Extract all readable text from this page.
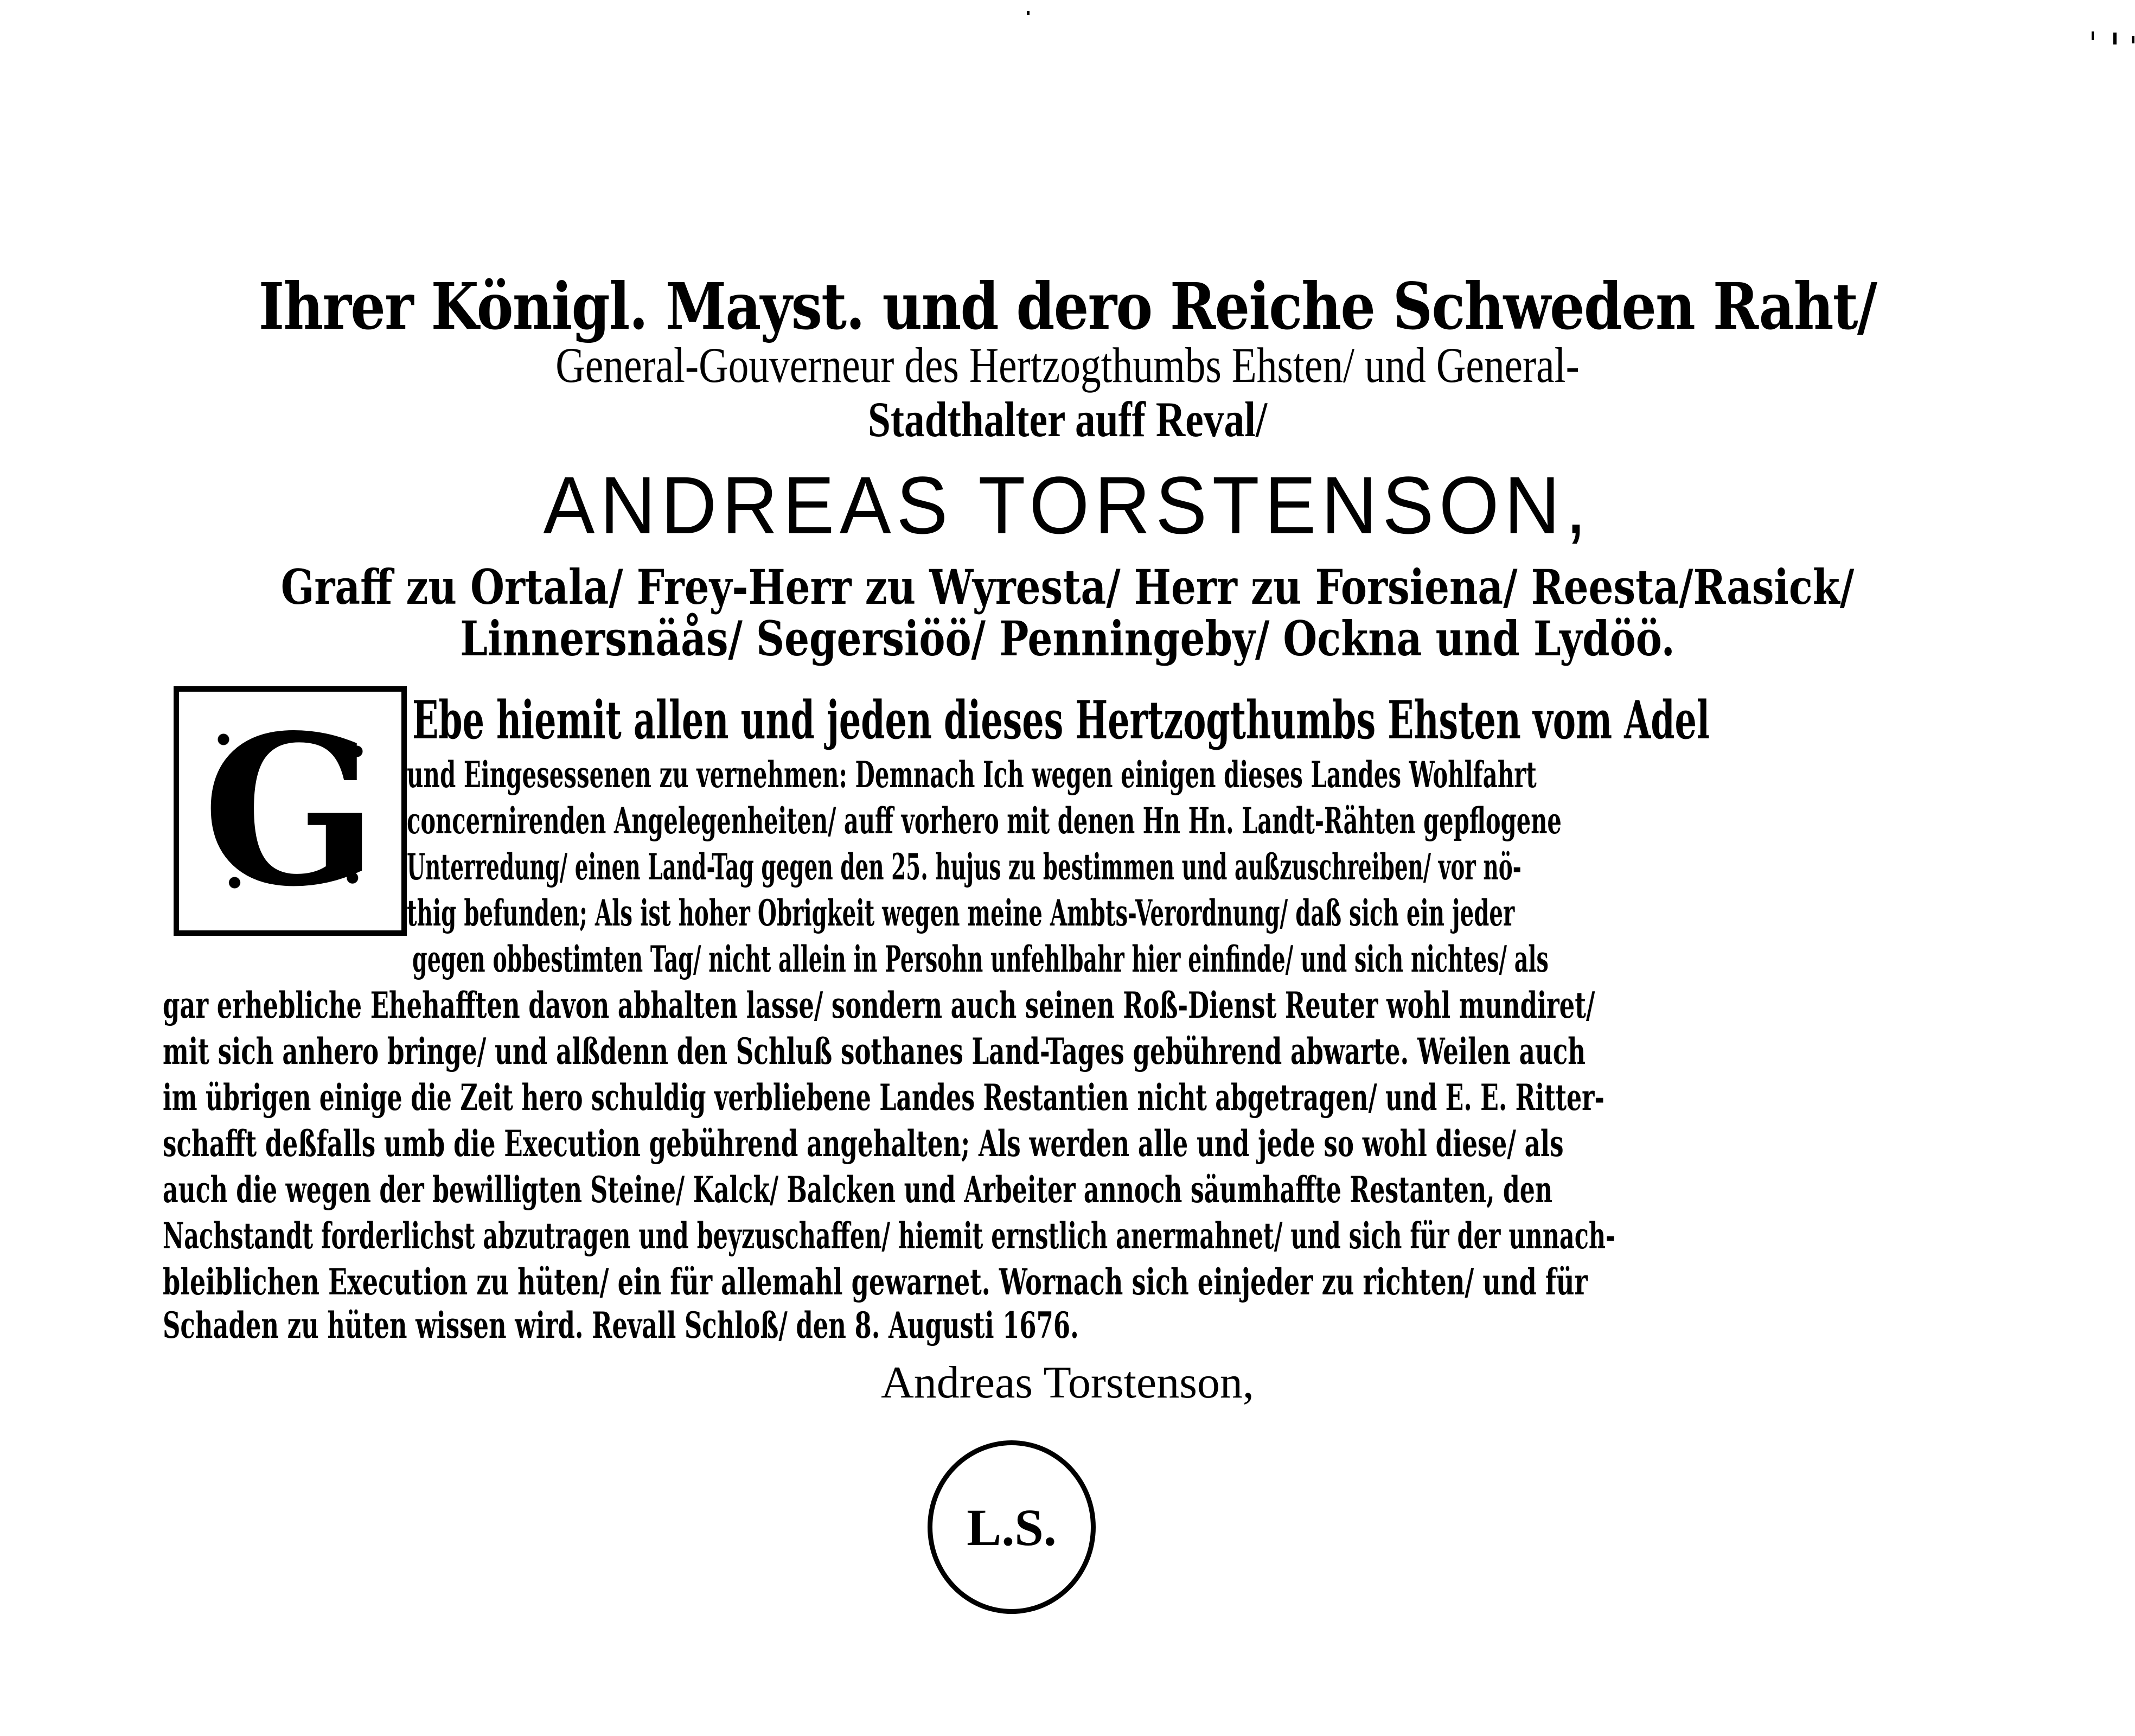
Ihrer Königl. Mayst. und dero Reiche Schweden Raht/
General-Gouverneur des Hertzogthumbs Ehsten/ und General-
Stadthalter auff Reval/
ANDREAS TORSTENSON,
Graff zu Ortala/ Frey-Herr zu Wyresta/ Herr zu Forsiena/ Reesta/Rasick/
Linnersnäås/ Segersiöö/ Penningeby/ Ockna und Lydöö.
G Ebe hiemit allen und jeden dieses Hertzogthumbs Ehsten vom Adel
und Eingesessenen zu vernehmen: Demnach Ich wegen einigen dieses Landes Wohlfahrt
concernirenden Angelegenheiten/ auff vorhero mit denen Hn Hn. Landt-Rähten gepflogene
Unterredung/ einen Land-Tag gegen den 25. hujus zu bestimmen und außzuschreiben/ vor nö-
thig befunden; Als ist hoher Obrigkeit wegen meine Ambts-Verordnung/ daß sich ein jeder
gegen obbestimten Tag/ nicht allein in Persohn unfehlbahr hier einfinde/ und sich nichtes/ als
gar erhebliche Ehehafften davon abhalten lasse/ sondern auch seinen Roß-Dienst Reuter wohl mundiret/
mit sich anhero bringe/ und alßdenn den Schluß sothanes Land-Tages gebührend abwarte. Weilen auch
im übrigen einige die Zeit hero schuldig verbliebene Landes Restantien nicht abgetragen/ und E. E. Ritter-
schafft deßfalls umb die Execution gebührend angehalten; Als werden alle und jede so wohl diese/ als
auch die wegen der bewilligten Steine/ Kalck/ Balcken und Arbeiter annoch säumhaffte Restanten, den
Nachstandt forderlichst abzutragen und beyzuschaffen/ hiemit ernstlich anermahnet/ und sich für der unnach-
bleiblichen Execution zu hüten/ ein für allemahl gewarnet. Wornach sich einjeder zu richten/ und für
Schaden zu hüten wissen wird. Revall Schloß/ den 8. Augusti 1676.
Andreas Torstenson,
L.S.
